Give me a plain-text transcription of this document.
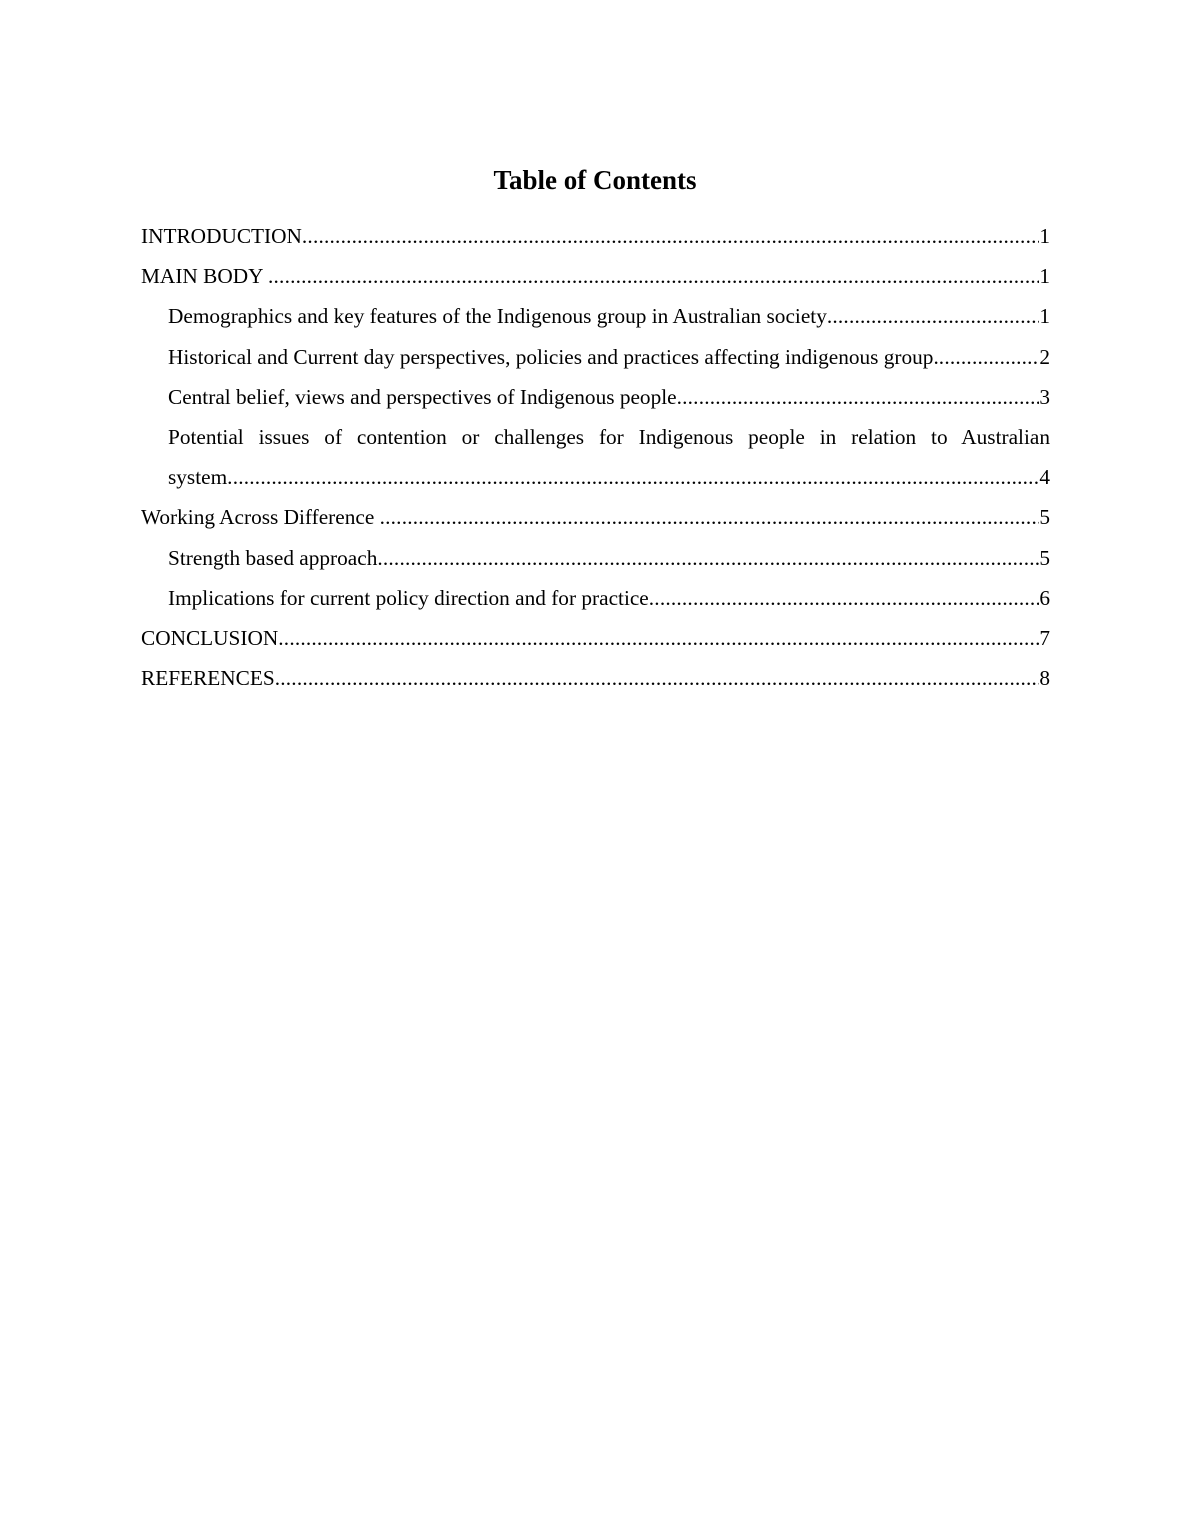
Table of Contents
INTRODUCTION .....	1
MAIN BODY .....	1
Demographics and key features of the Indigenous group in Australian society .....	1
Historical and Current day perspectives, policies and practices affecting indigenous group. .....	2
Central belief, views and perspectives of Indigenous people .....	3
Potential issues of contention or challenges for Indigenous people in relation to Australian
system .....	4
Working Across Difference .....	5
Strength based approach .....	5
Implications for current policy direction and for practice .....	6
CONCLUSION .....	7
REFERENCES .....	8
